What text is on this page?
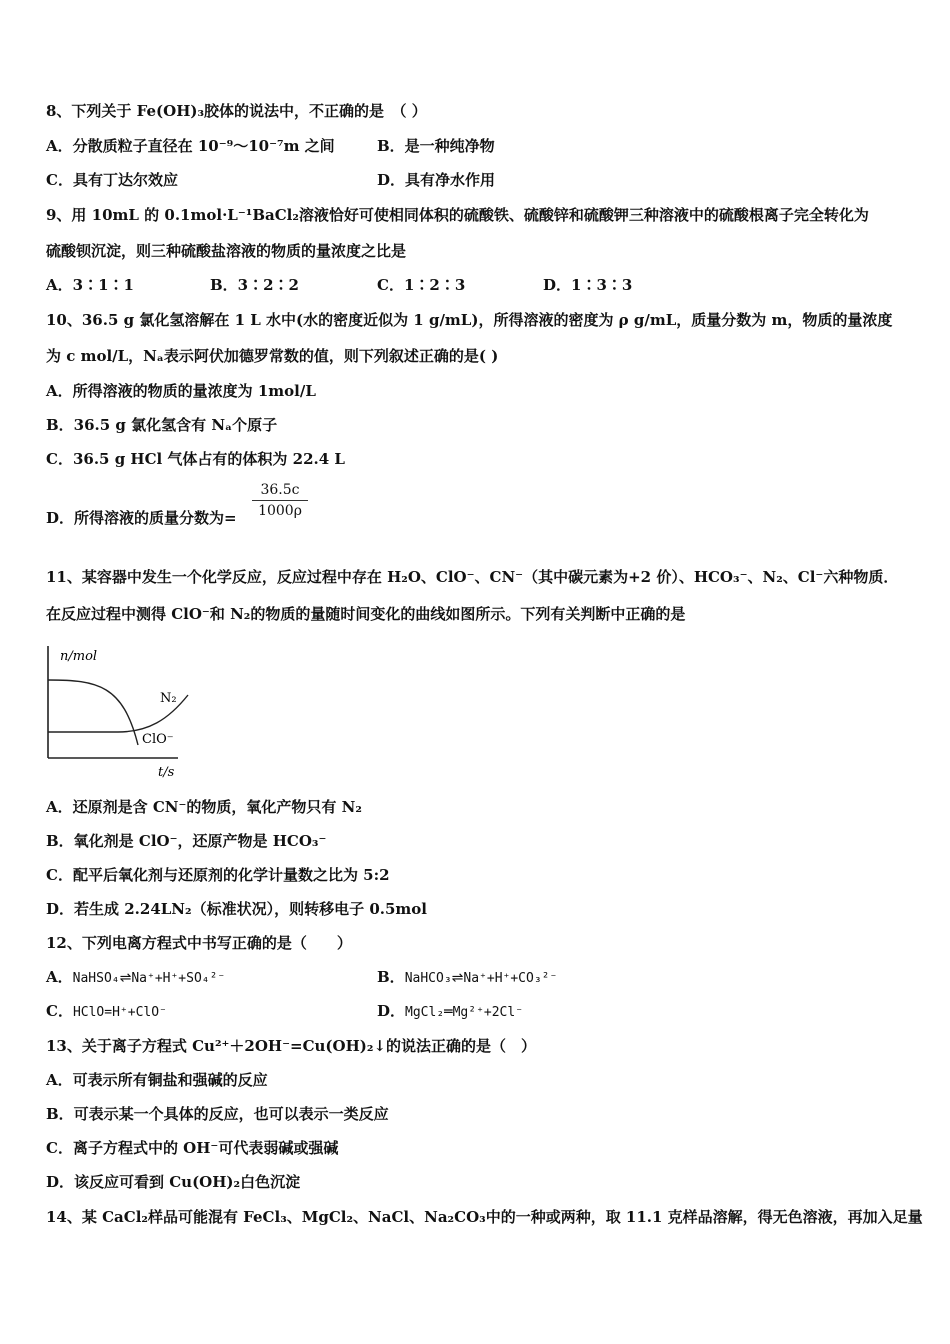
8、下列关于 Fe(OH)₃胶体的说法中，不正确的是　（ ）
A．分散质粒子直径在 10⁻⁹～10⁻⁷m 之间	B．是一种纯净物
C．具有丁达尔效应	D．具有净水作用
9、用 10mL 的 0.1mol·L⁻¹BaCl₂溶液恰好可使相同体积的硫酸铁、硫酸锌和硫酸钾三种溶液中的硫酸根离子完全转化为
硫酸钡沉淀，则三种硫酸盐溶液的物质的量浓度之比是
A．3∶1∶1	B．3∶2∶2	C．1∶2∶3	D．1∶3∶3
10、36.5 g 氯化氢溶解在 1 L 水中(水的密度近似为 1 g/mL)，所得溶液的密度为 ρ g/mL，质量分数为 m，物质的量浓度
为 c mol/L，Nₐ表示阿伏加德罗常数的值，则下列叙述正确的是( )
A．所得溶液的物质的量浓度为 1mol/L
B．36.5 g 氯化氢含有 Nₐ个原子
C．36.5 g HCl 气体占有的体积为 22.4 L
D．所得溶液的质量分数为= $\frac{36.5c}{1000\rho}$
11、某容器中发生一个化学反应，反应过程中存在 H₂O、ClO⁻、CN⁻（其中碳元素为+2 价）、HCO₃⁻、N₂、Cl⁻六种物质．
在反应过程中测得 ClO⁻和 N₂的物质的量随时间变化的曲线如图所示。下列有关判断中正确的是
n/mol
t/s
N₂
ClO⁻
A．还原剂是含 CN⁻的物质，氧化产物只有 N₂
B．氧化剂是 ClO⁻，还原产物是 HCO₃⁻
C．配平后氧化剂与还原剂的化学计量数之比为 5:2
D．若生成 2.24LN₂（标准状况），则转移电子 0.5mol
12、下列电离方程式中书写正确的是（　　）
A．NaHSO₄⇌Na⁺+H⁺+SO₄²⁻	B．NaHCO₃⇌Na⁺+H⁺+CO₃²⁻
C．HClO=H⁺+ClO⁻	D．MgCl₂═Mg²⁺+2Cl⁻
13、关于离子方程式 Cu²⁺＋2OH⁻=Cu(OH)₂↓的说法正确的是（　）
A．可表示所有铜盐和强碱的反应
B．可表示某一个具体的反应，也可以表示一类反应
C．离子方程式中的 OH⁻可代表弱碱或强碱
D．该反应可看到 Cu(OH)₂白色沉淀
14、某 CaCl₂样品可能混有 FeCl₃、MgCl₂、NaCl、Na₂CO₃中的一种或两种，取 11.1 克样品溶解，得无色溶液，再加入足量
